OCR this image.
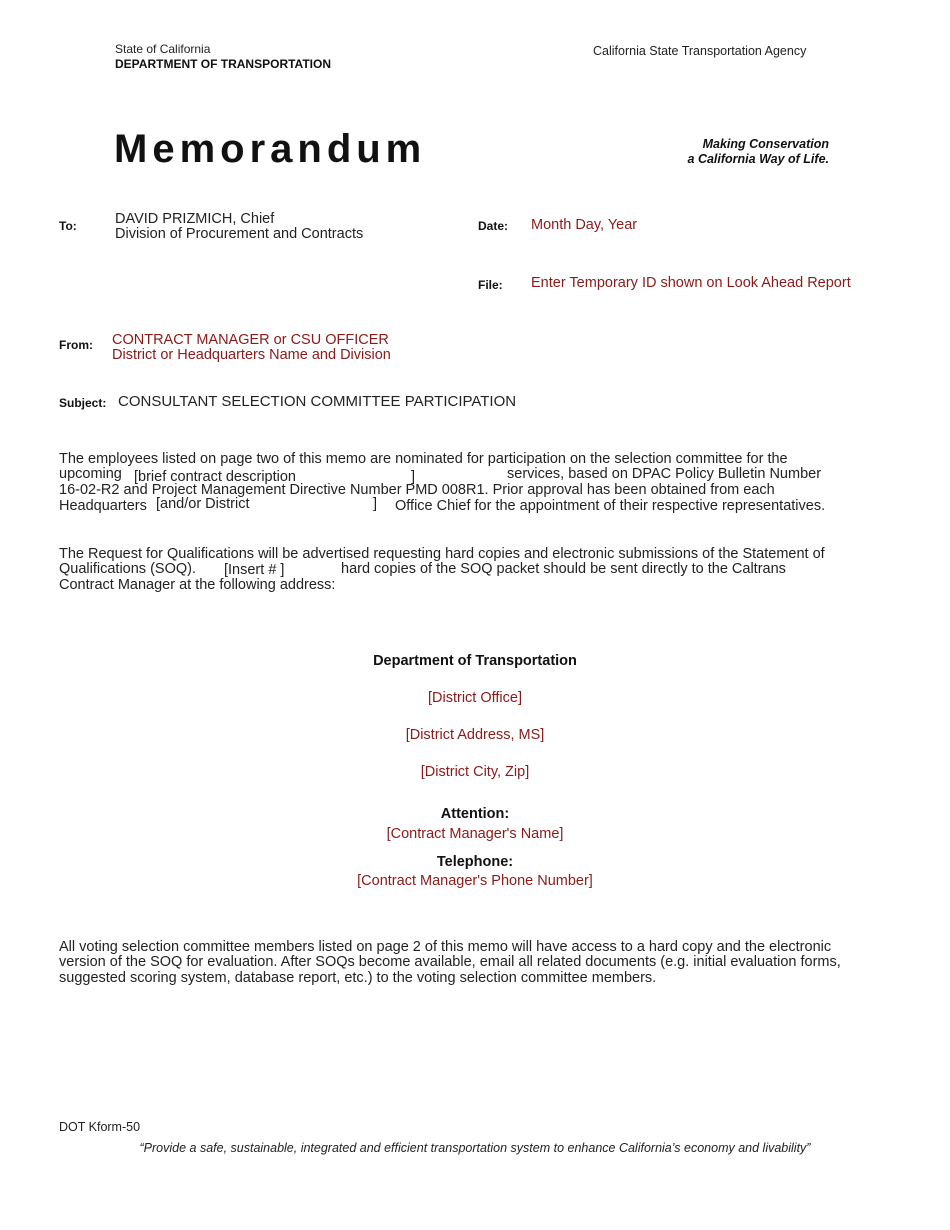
State of California
DEPARTMENT OF TRANSPORTATION
California State Transportation Agency
Memorandum	Making Conservation
a California Way of Life.
To:	DAVID PRIZMICH, Chief
Division of Procurement and Contracts	Date: Month Day, Year
File: Enter Temporary ID shown on Look Ahead Report
From: CONTRACT MANAGER or CSU OFFICER
District or Headquarters Name and Division
Subject: CONSULTANT SELECTION COMMITTEE PARTICIPATION
The employees listed on page two of this memo are nominated for participation on the selection committee for the
upcoming [brief contract description	]	services, based on DPAC Policy Bulletin Number
16-02-R2 and Project Management Directive Number PMD 008R1. Prior approval has been obtained from each
Headquarters [and/or District	] Office Chief for the appointment of their respective representatives.
The Request for Qualifications will be advertised requesting hard copies and electronic submissions of the Statement of
Qualifications (SOQ). [Insert # ]	hard copies of the SOQ packet should be sent directly to the Caltrans
Contract Manager at the following address:
Department of Transportation
[District Office]
[District Address, MS]
[District City, Zip]
Attention:
[Contract Manager's Name]
Telephone:
[Contract Manager's Phone Number]
All voting selection committee members listed on page 2 of this memo will have access to a hard copy and the electronic
version of the SOQ for evaluation. After SOQs become available, email all related documents (e.g. initial evaluation forms,
suggested scoring system, database report, etc.) to the voting selection committee members.
DOT Kform-50
“Provide a safe, sustainable, integrated and efficient transportation system to enhance California’s economy and livability”
